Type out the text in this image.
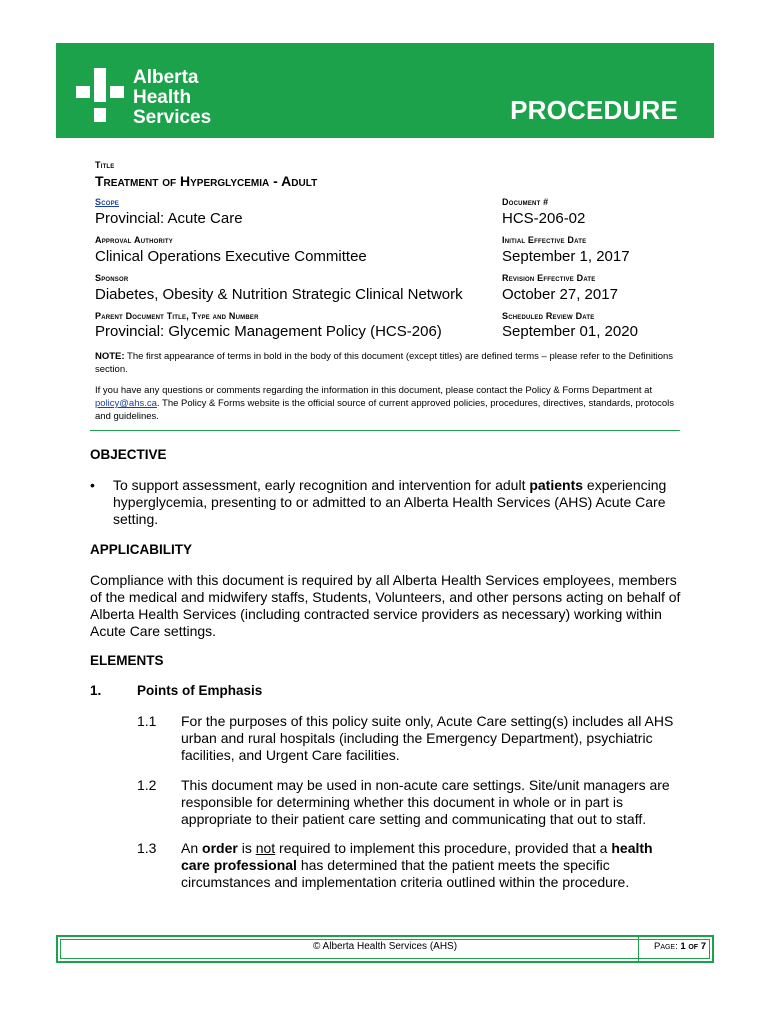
Alberta Health
Services	PROCEDURE
Title
Treatment of Hyperglycemia - Adult
Scope
Provincial: Acute Care
Document #
HCS-206-02
Approval Authority
Clinical Operations Executive Committee
Initial Effective Date
September 1, 2017
Sponsor
Diabetes, Obesity & Nutrition Strategic Clinical Network
Revision Effective Date
October 27, 2017
Parent Document Title, Type and Number
Provincial: Glycemic Management Policy (HCS-206)
Scheduled Review Date
September 01, 2020

NOTE: The first appearance of terms in bold in the body of this document (except titles) are defined terms – please refer to the Definitions section.

If you have any questions or comments regarding the information in this document, please contact the Policy & Forms Department at policy@ahs.ca. The Policy & Forms website is the official source of current approved policies, procedures, directives, standards, protocols and guidelines.

OBJECTIVE
• To support assessment, early recognition and intervention for adult patients experiencing hyperglycemia, presenting to or admitted to an Alberta Health Services (AHS) Acute Care setting.
APPLICABILITY
Compliance with this document is required by all Alberta Health Services employees, members of the medical and midwifery staffs, Students, Volunteers, and other persons acting on behalf of Alberta Health Services (including contracted service providers as necessary) working within Acute Care settings.
ELEMENTS
1.	Points of Emphasis
1.1 For the purposes of this policy suite only, Acute Care setting(s) includes all AHS urban and rural hospitals (including the Emergency Department), psychiatric facilities, and Urgent Care facilities.
1.2 This document may be used in non-acute care settings. Site/unit managers are responsible for determining whether this document in whole or in part is appropriate to their patient care setting and communicating that out to staff.
1.3 An order is not required to implement this procedure, provided that a health care professional has determined that the patient meets the specific circumstances and implementation criteria outlined within the procedure.
© Alberta Health Services (AHS)	Page: 1 of 7
